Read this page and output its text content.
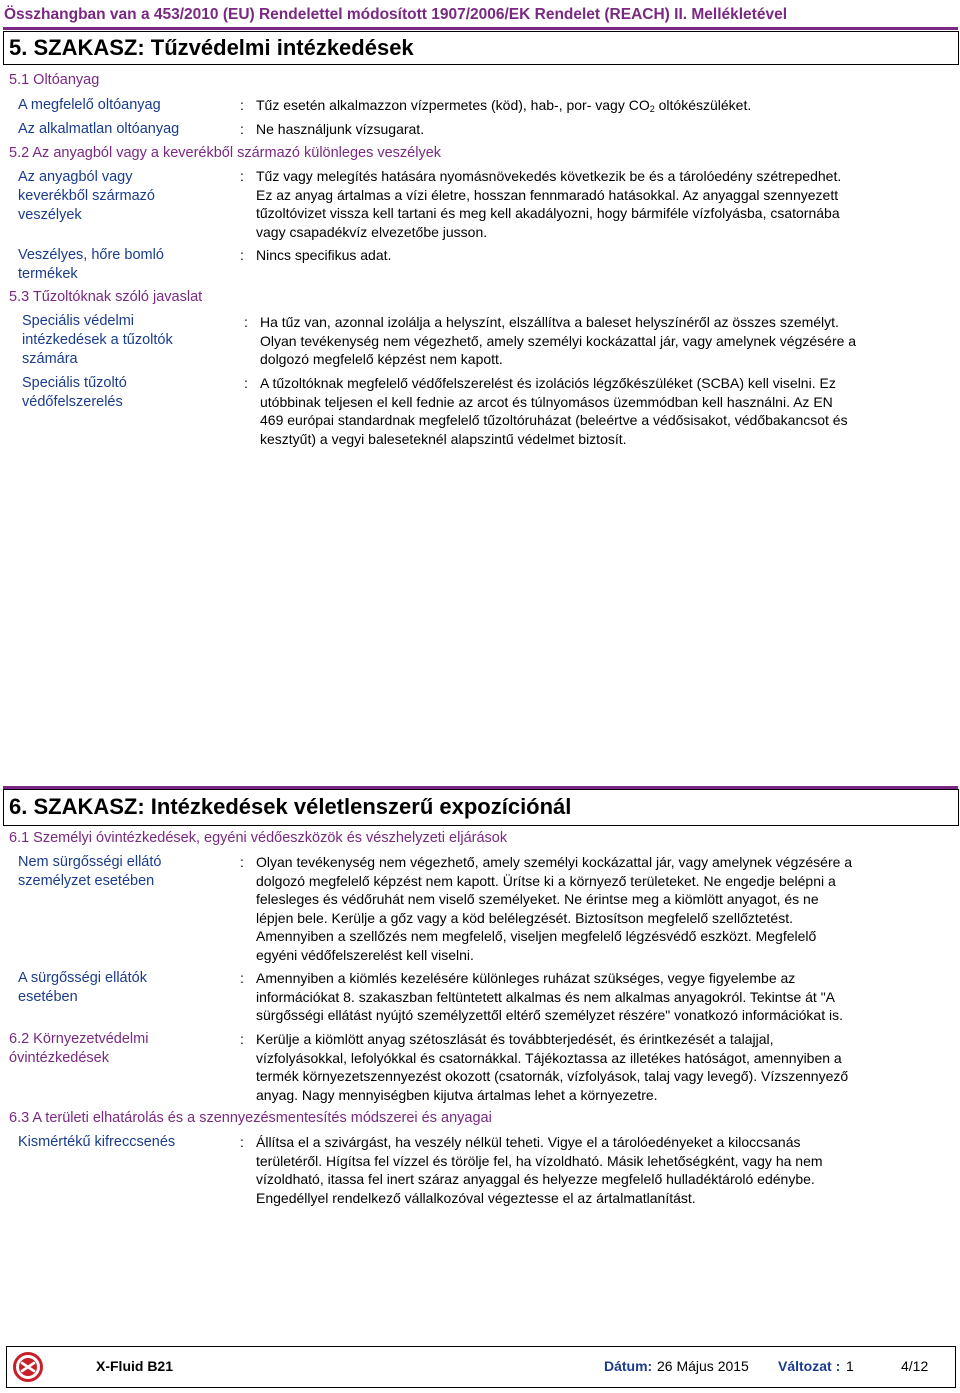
Összhangban van a 453/2010 (EU) Rendelettel módosított 1907/2006/EK Rendelet (REACH) II. Mellékletével
5. SZAKASZ: Tűzvédelmi intézkedések
5.1 Oltóanyag
A megfelelő oltóanyag	: Tűz esetén alkalmazzon vízpermetes (köd), hab-, por- vagy CO2 oltókészüléket.
Az alkalmatlan oltóanyag	: Ne használjunk vízsugarat.
5.2 Az anyagból vagy a keverékből származó különleges veszélyek
Az anyagból vagy
keverékből származó
veszélyek
: Tűz vagy melegítés hatására nyomásnövekedés következik be és a tárolóedény szétrepedhet.
Ez az anyag ártalmas a vízi életre, hosszan fennmaradó hatásokkal. Az anyaggal szennyezett
tűzoltóvizet vissza kell tartani és meg kell akadályozni, hogy bármiféle vízfolyásba, csatornába
vagy csapadékvíz elvezetőbe jusson.
Veszélyes, hőre bomló
termékek
: Nincs specifikus adat.
5.3 Tűzoltóknak szóló javaslat
Speciális védelmi
intézkedések a tűzoltók
számára
: Ha tűz van, azonnal izolálja a helyszínt, elszállítva a baleset helyszínéről az összes személyt.
Olyan tevékenység nem végezhető, amely személyi kockázattal jár, vagy amelynek végzésére a
dolgozó megfelelő képzést nem kapott.
Speciális tűzoltó
védőfelszerelés
: A tűzoltóknak megfelelő védőfelszerelést és izolációs légzőkészüléket (SCBA) kell viselni. Ez
utóbbinak teljesen el kell fednie az arcot és túlnyomásos üzemmódban kell használni. Az EN
469 európai standardnak megfelelő tűzoltóruházat (beleértve a védősisakot, védőbakancsot és
kesztyűt) a vegyi baleseteknél alapszintű védelmet biztosít.
6. SZAKASZ: Intézkedések véletlenszerű expozíciónál
6.1 Személyi óvintézkedések, egyéni védőeszközök és vészhelyzeti eljárások
Nem sürgősségi ellátó
személyzet esetében
: Olyan tevékenység nem végezhető, amely személyi kockázattal jár, vagy amelynek végzésére a
dolgozó megfelelő képzést nem kapott. Ürítse ki a környező területeket. Ne engedje belépni a
felesleges és védőruhát nem viselő személyeket. Ne érintse meg a kiömlött anyagot, és ne
lépjen bele. Kerülje a gőz vagy a köd belélegzését. Biztosítson megfelelő szellőztetést.
Amennyiben a szellőzés nem megfelelő, viseljen megfelelő légzésvédő eszközt. Megfelelő
egyéni védőfelszerelést kell viselni.
A sürgősségi ellátók
esetében
: Amennyiben a kiömlés kezelésére különleges ruházat szükséges, vegye figyelembe az
információkat 8. szakaszban feltüntetett alkalmas és nem alkalmas anyagokról. Tekintse át "A
sürgősségi ellátást nyújtó személyzettől eltérő személyzet részére" vonatkozó információkat is.
6.2 Környezetvédelmi
óvintézkedések
: Kerülje a kiömlött anyag szétoszlását és továbbterjedését, és érintkezését a talajjal,
vízfolyásokkal, lefolyókkal és csatornákkal. Tájékoztassa az illetékes hatóságot, amennyiben a
termék környezetszennyezést okozott (csatornák, vízfolyások, talaj vagy levegő). Vízszennyező
anyag. Nagy mennyiségben kijutva ártalmas lehet a környezetre.
6.3 A területi elhatárolás és a szennyezésmentesítés módszerei és anyagai
Kismértékű kifreccsenés	: Állítsa el a szivárgást, ha veszély nélkül teheti. Vigye el a tárolóedényeket a kiloccsanás
területéről. Hígítsa fel vízzel és törölje fel, ha vízoldható. Másik lehetőségként, vagy ha nem
vízoldható, itassa fel inert száraz anyaggal és helyezze megfelelő hulladéktároló edénybe.
Engedéllyel rendelkező vállalkozóval végeztesse el az ártalmatlanítást.
X-Fluid B21	Dátum: 26 Május 2015 Változat : 1	4/12
